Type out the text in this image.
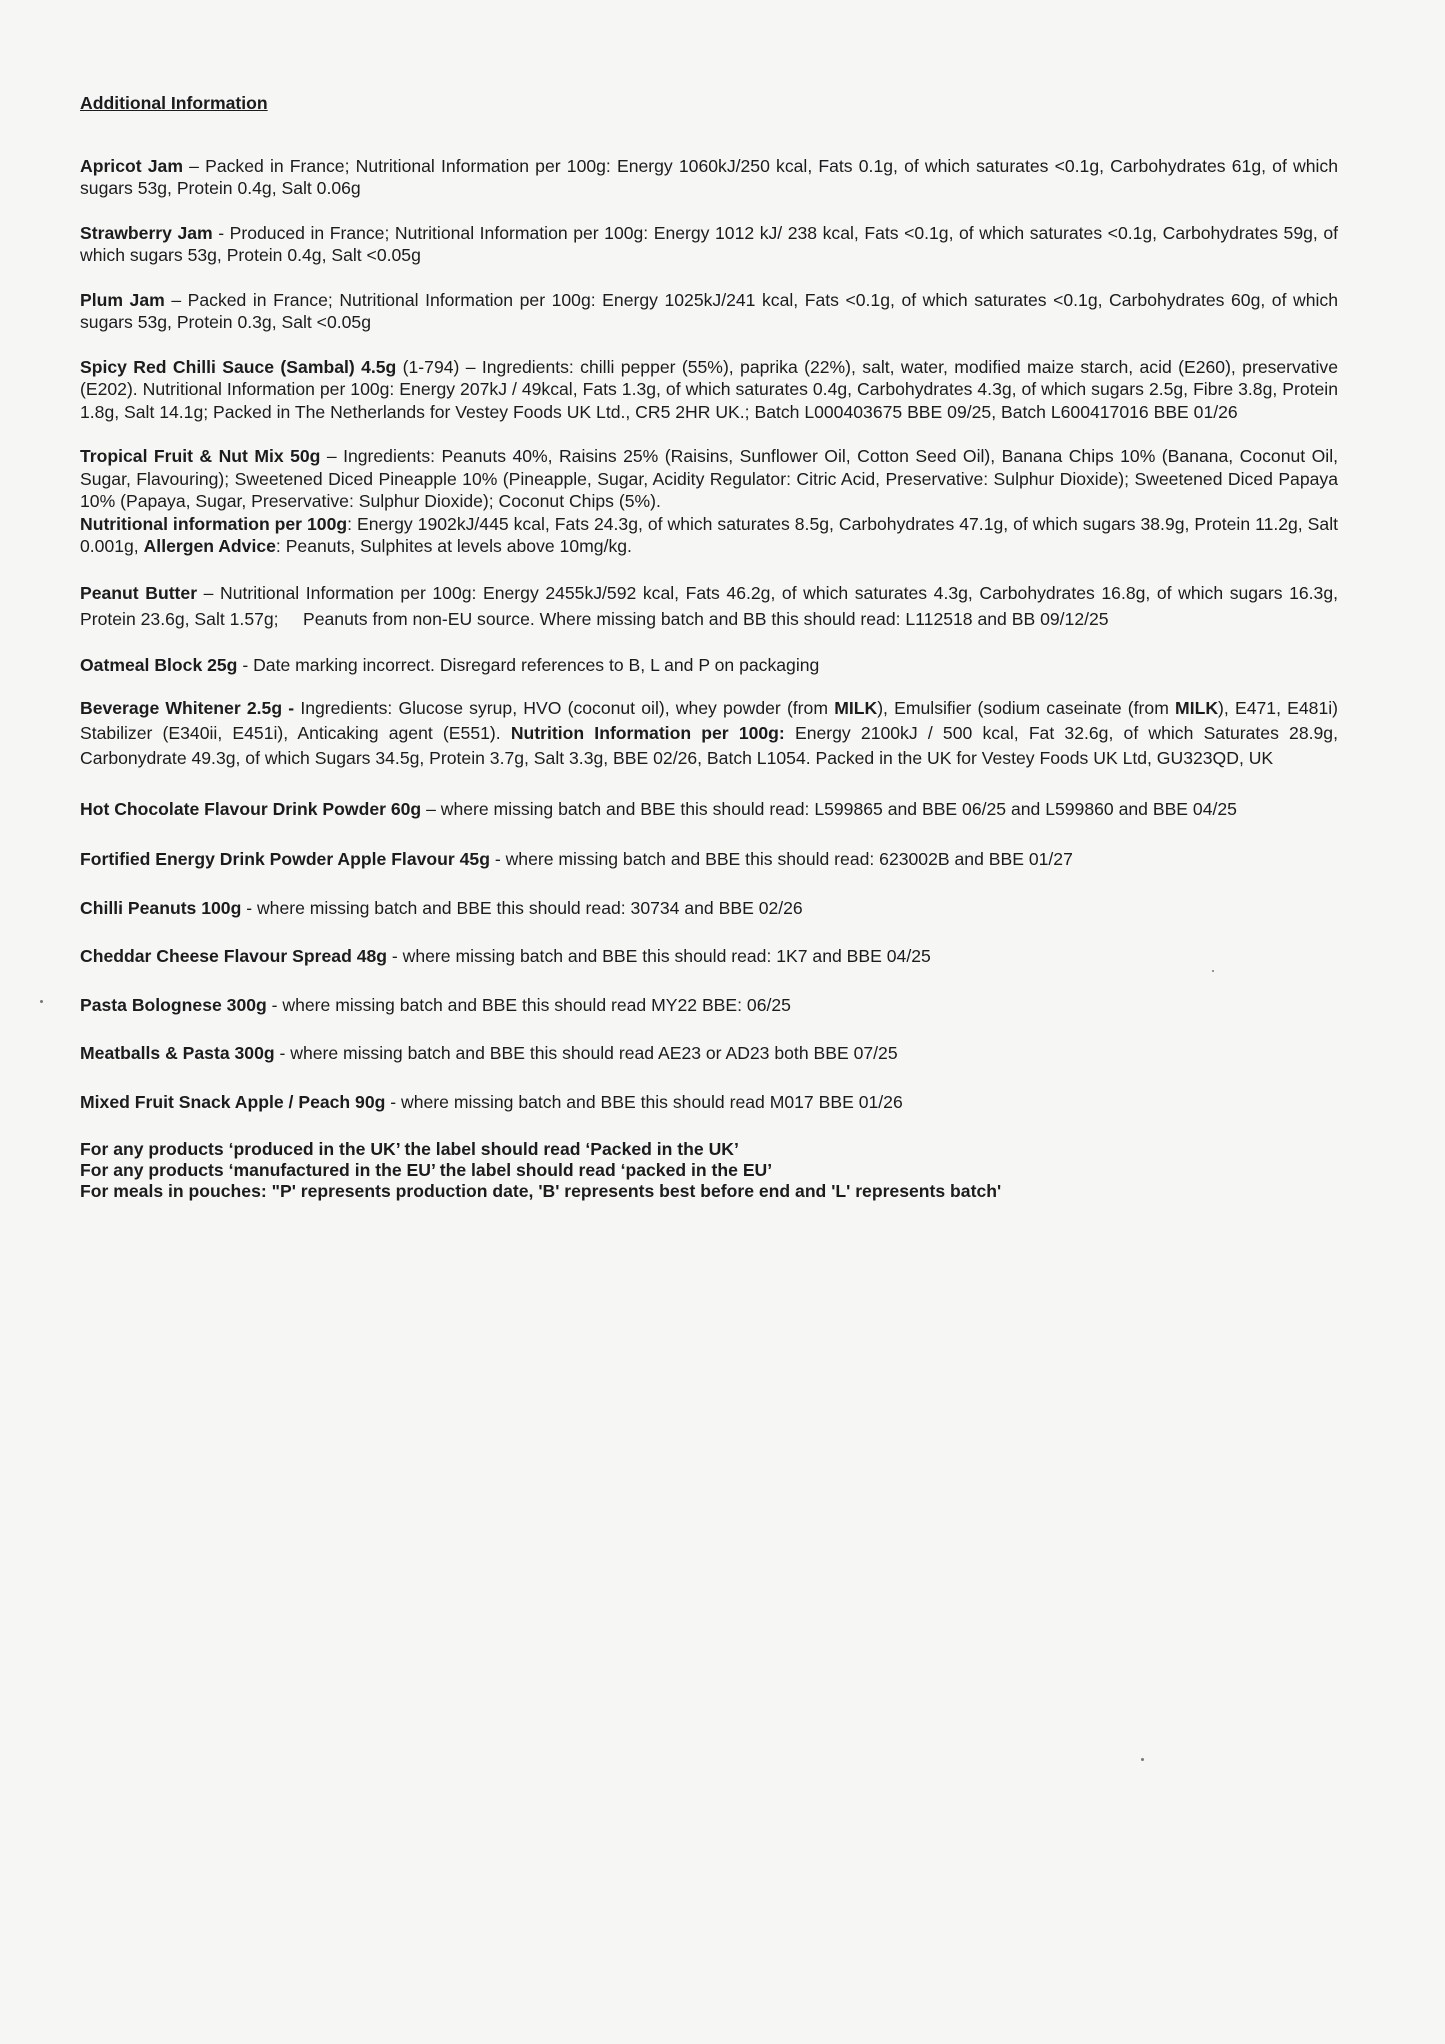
Additional Information

Apricot Jam – Packed in France; Nutritional Information per 100g: Energy 1060kJ/250 kcal, Fats 0.1g, of which saturates <0.1g, Carbohydrates 61g, of which sugars 53g, Protein 0.4g, Salt 0.06g

Strawberry Jam - Produced in France; Nutritional Information per 100g: Energy 1012 kJ/ 238 kcal, Fats <0.1g, of which saturates <0.1g, Carbohydrates 59g, of which sugars 53g, Protein 0.4g, Salt <0.05g

Plum Jam – Packed in France; Nutritional Information per 100g: Energy 1025kJ/241 kcal, Fats <0.1g, of which saturates <0.1g, Carbohydrates 60g, of which sugars 53g, Protein 0.3g, Salt <0.05g

Spicy Red Chilli Sauce (Sambal) 4.5g (1-794) – Ingredients: chilli pepper (55%), paprika (22%), salt, water, modified maize starch, acid (E260), preservative (E202). Nutritional Information per 100g: Energy 207kJ / 49kcal, Fats 1.3g, of which saturates 0.4g, Carbohydrates 4.3g, of which sugars 2.5g, Fibre 3.8g, Protein 1.8g, Salt 14.1g; Packed in The Netherlands for Vestey Foods UK Ltd., CR5 2HR UK.; Batch L000403675 BBE 09/25, Batch L600417016 BBE 01/26

Tropical Fruit & Nut Mix 50g – Ingredients: Peanuts 40%, Raisins 25% (Raisins, Sunflower Oil, Cotton Seed Oil), Banana Chips 10% (Banana, Coconut Oil, Sugar, Flavouring); Sweetened Diced Pineapple 10% (Pineapple, Sugar, Acidity Regulator: Citric Acid, Preservative: Sulphur Dioxide); Sweetened Diced Papaya 10% (Papaya, Sugar, Preservative: Sulphur Dioxide); Coconut Chips (5%).
Nutritional information per 100g: Energy 1902kJ/445 kcal, Fats 24.3g, of which saturates 8.5g, Carbohydrates 47.1g, of which sugars 38.9g, Protein 11.2g, Salt 0.001g, Allergen Advice: Peanuts, Sulphites at levels above 10mg/kg.

Peanut Butter – Nutritional Information per 100g: Energy 2455kJ/592 kcal, Fats 46.2g, of which saturates 4.3g, Carbohydrates 16.8g, of which sugars 16.3g, Protein 23.6g, Salt 1.57g;     Peanuts from non-EU source. Where missing batch and BB this should read: L112518 and BB 09/12/25

Oatmeal Block 25g - Date marking incorrect. Disregard references to B, L and P on packaging

Beverage Whitener 2.5g - Ingredients: Glucose syrup, HVO (coconut oil), whey powder (from MILK), Emulsifier (sodium caseinate (from MILK), E471, E481i) Stabilizer (E340ii, E451i), Anticaking agent (E551). Nutrition Information per 100g: Energy 2100kJ / 500 kcal, Fat 32.6g, of which Saturates 28.9g, Carbonydrate 49.3g, of which Sugars 34.5g, Protein 3.7g, Salt 3.3g, BBE 02/26, Batch L1054. Packed in the UK for Vestey Foods UK Ltd, GU323QD, UK

Hot Chocolate Flavour Drink Powder 60g – where missing batch and BBE this should read: L599865 and BBE 06/25 and L599860 and BBE 04/25

Fortified Energy Drink Powder Apple Flavour 45g - where missing batch and BBE this should read: 623002B and BBE 01/27

Chilli Peanuts 100g - where missing batch and BBE this should read: 30734 and BBE 02/26

Cheddar Cheese Flavour Spread 48g - where missing batch and BBE this should read: 1K7 and BBE 04/25

Pasta Bolognese 300g - where missing batch and BBE this should read MY22 BBE: 06/25

Meatballs & Pasta 300g - where missing batch and BBE this should read AE23 or AD23 both BBE 07/25

Mixed Fruit Snack Apple / Peach 90g - where missing batch and BBE this should read M017 BBE 01/26

For any products ‘produced in the UK’ the label should read ‘Packed in the UK’

For any products ‘manufactured in the EU’ the label should read ‘packed in the EU’

For meals in pouches: "P' represents production date, 'B' represents best before end and 'L' represents batch'
